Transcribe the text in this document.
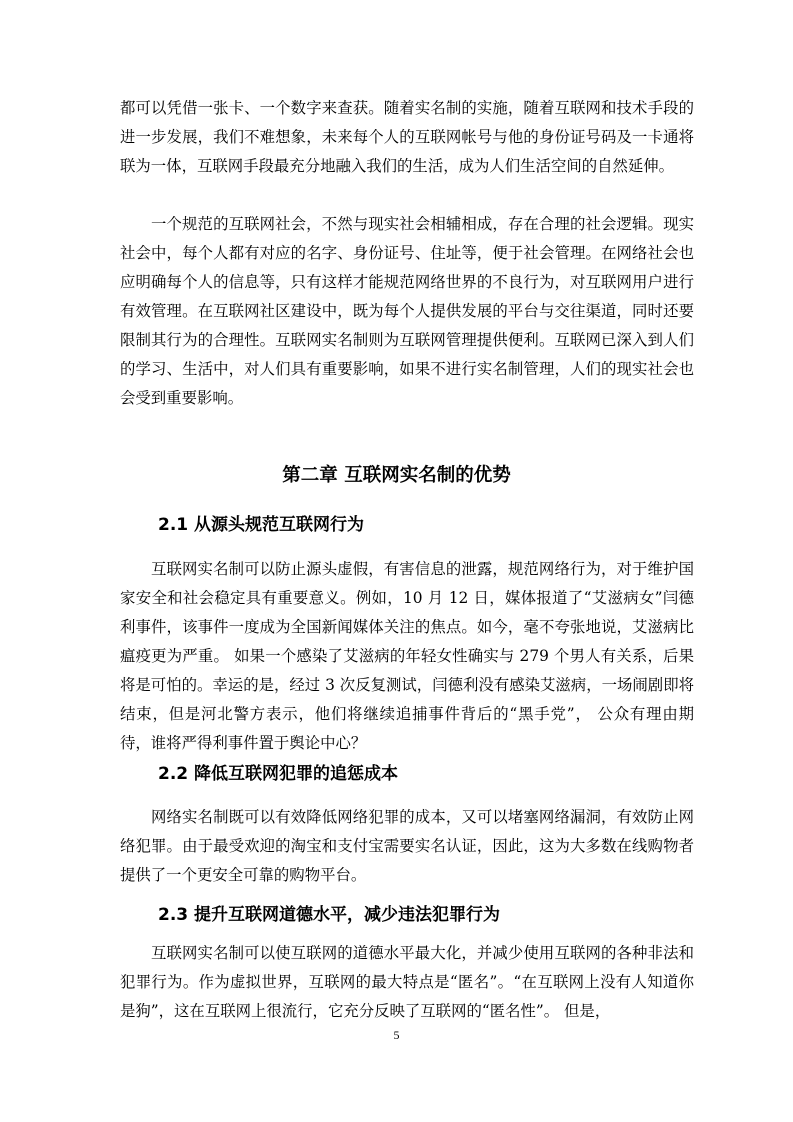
都可以凭借一张卡、一个数字来查获。随着实名制的实施，随着互联网和技术手段的进一步发展，我们不难想象，未来每个人的互联网帐号与他的身份证号码及一卡通将联为一体，互联网手段最充分地融入我们的生活，成为人们生活空间的自然延伸。

一个规范的互联网社会，不然与现实社会相辅相成，存在合理的社会逻辑。现实社会中，每个人都有对应的名字、身份证号、住址等，便于社会管理。在网络社会也应明确每个人的信息等，只有这样才能规范网络世界的不良行为，对互联网用户进行有效管理。在互联网社区建设中，既为每个人提供发展的平台与交往渠道，同时还要限制其行为的合理性。互联网实名制则为互联网管理提供便利。互联网已深入到人们的学习、生活中，对人们具有重要影响，如果不进行实名制管理，人们的现实社会也会受到重要影响。

第二章 互联网实名制的优势
2.1 从源头规范互联网行为

互联网实名制可以防止源头虚假，有害信息的泄露，规范网络行为，对于维护国家安全和社会稳定具有重要意义。例如，10 月 12 日，媒体报道了“艾滋病女”闫德利事件，该事件一度成为全国新闻媒体关注的焦点。如今，毫不夸张地说，艾滋病比瘟疫更为严重。 如果一个感染了艾滋病的年轻女性确实与 279 个男人有关系，后果将是可怕的。幸运的是，经过 3 次反复测试，闫德利没有感染艾滋病，一场闹剧即将结束，但是河北警方表示，他们将继续追捕事件背后的“黑手党”， 公众有理由期待，谁将严得利事件置于舆论中心？

2.2 降低互联网犯罪的追惩成本

网络实名制既可以有效降低网络犯罪的成本，又可以堵塞网络漏洞，有效防止网络犯罪。由于最受欢迎的淘宝和支付宝需要实名认证，因此，这为大多数在线购物者提供了一个更安全可靠的购物平台。

2.3 提升互联网道德水平，减少违法犯罪行为

互联网实名制可以使互联网的道德水平最大化，并减少使用互联网的各种非法和犯罪行为。作为虚拟世界，互联网的最大特点是“匿名”。“在互联网上没有人知道你是狗”，这在互联网上很流行，它充分反映了互联网的“匿名性”。 但是，

5
